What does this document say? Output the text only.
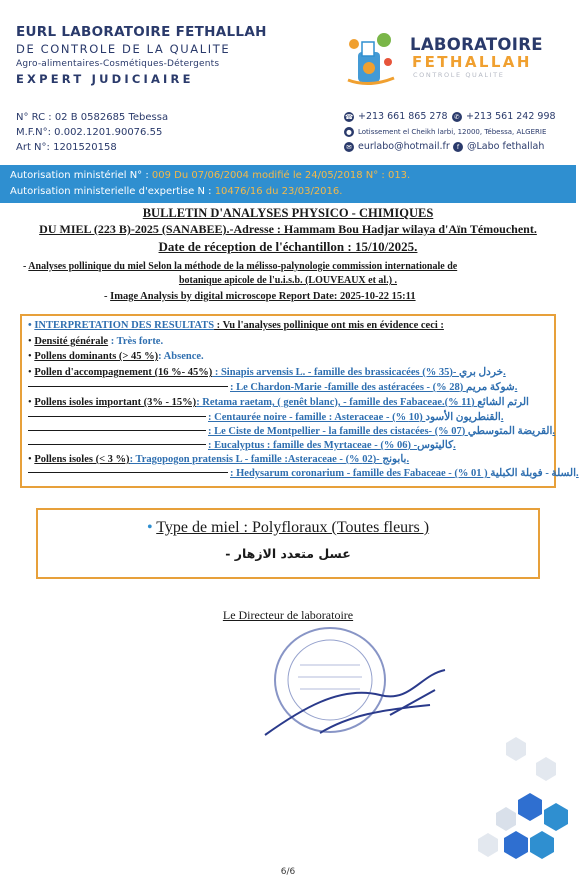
EURL LABORATOIRE FETHALLAH
DE CONTROLE DE LA QUALITE
Agro-alimentaires-Cosmétiques-Détergents
EXPERT JUDICIAIRE
N° RC : 02 B 0582685 Tebessa
M.F.N°: 0.002.1201.90076.55
Art N°: 1201520158
LABORATOIRE
FETHALLAH
CONTROLE QUALITE
☎ +213 661 865 278	✆ +213 561 242 998
● Lotissement el Cheikh larbi, 12000, Tébessa, ALGERIE
✉ eurlabo@hotmail.fr	f @Labo fethallah
Autorisation ministériel N° : 009 Du 07/06/2004 modifié le 24/05/2018 N° : 013.
Autorisation ministerielle d'expertise N : 10476/16 du 23/03/2016.
BULLETIN D'ANALYSES PHYSICO - CHIMIQUES
DU MIEL (223 B)-2025 (SANABEE).-Adresse : Hammam Bou Hadjar wilaya d'Aïn Témouchent.
Date de réception de l'échantillon : 15/10/2025.
- Analyses pollinique du miel Selon la méthode de la mélisso-palynologie commission internationale de
botanique apicole de l'u.i.s.b. (LOUVEAUX et al.) .
- Image Analysis by digital microscope Report Date: 2025-10-22 15:11
• INTERPRETATION DES RESULTATS : Vu l'analyses pollinique ont mis en évidence ceci :
• Densité générale : Très forte.
• Pollens dominants (> 45 %): Absence.
• Pollen d'accompagnement (16 %- 45%) : Sinapis arvensis L. - famille des brassicacées	خردل بري -(35 %).
: Le Chardon-Marie -famille des astéracées -	شوكة مريم (28 %).
• Pollens isoles important (3% - 15%): Retama raetam, ( genêt blanc), - famille des Fabaceae.	الرتم الشائع (11 %)
: Centaurée noire - famille : Asteraceae -	القنطريون الأسود (10 %).
: Le Ciste de Montpellier - la famille des cistacées-	القريضة المتوسطي (07 %).
: Eucalyptus : famille des Myrtaceae -	كاليتوس- (06 %).
• Pollens isoles (< 3 %): Tragopogon pratensis L - famille :Asteraceae -	بابونج -(02 %).
: Hedysarum coronarium - famille des Fabaceae -	السلة - فوبلة الكبلية ( 01 %).
• Type de miel : Polyfloraux (Toutes fleurs )
- عسل متعدد الازهار
Le Directeur de laboratoire
6/6
